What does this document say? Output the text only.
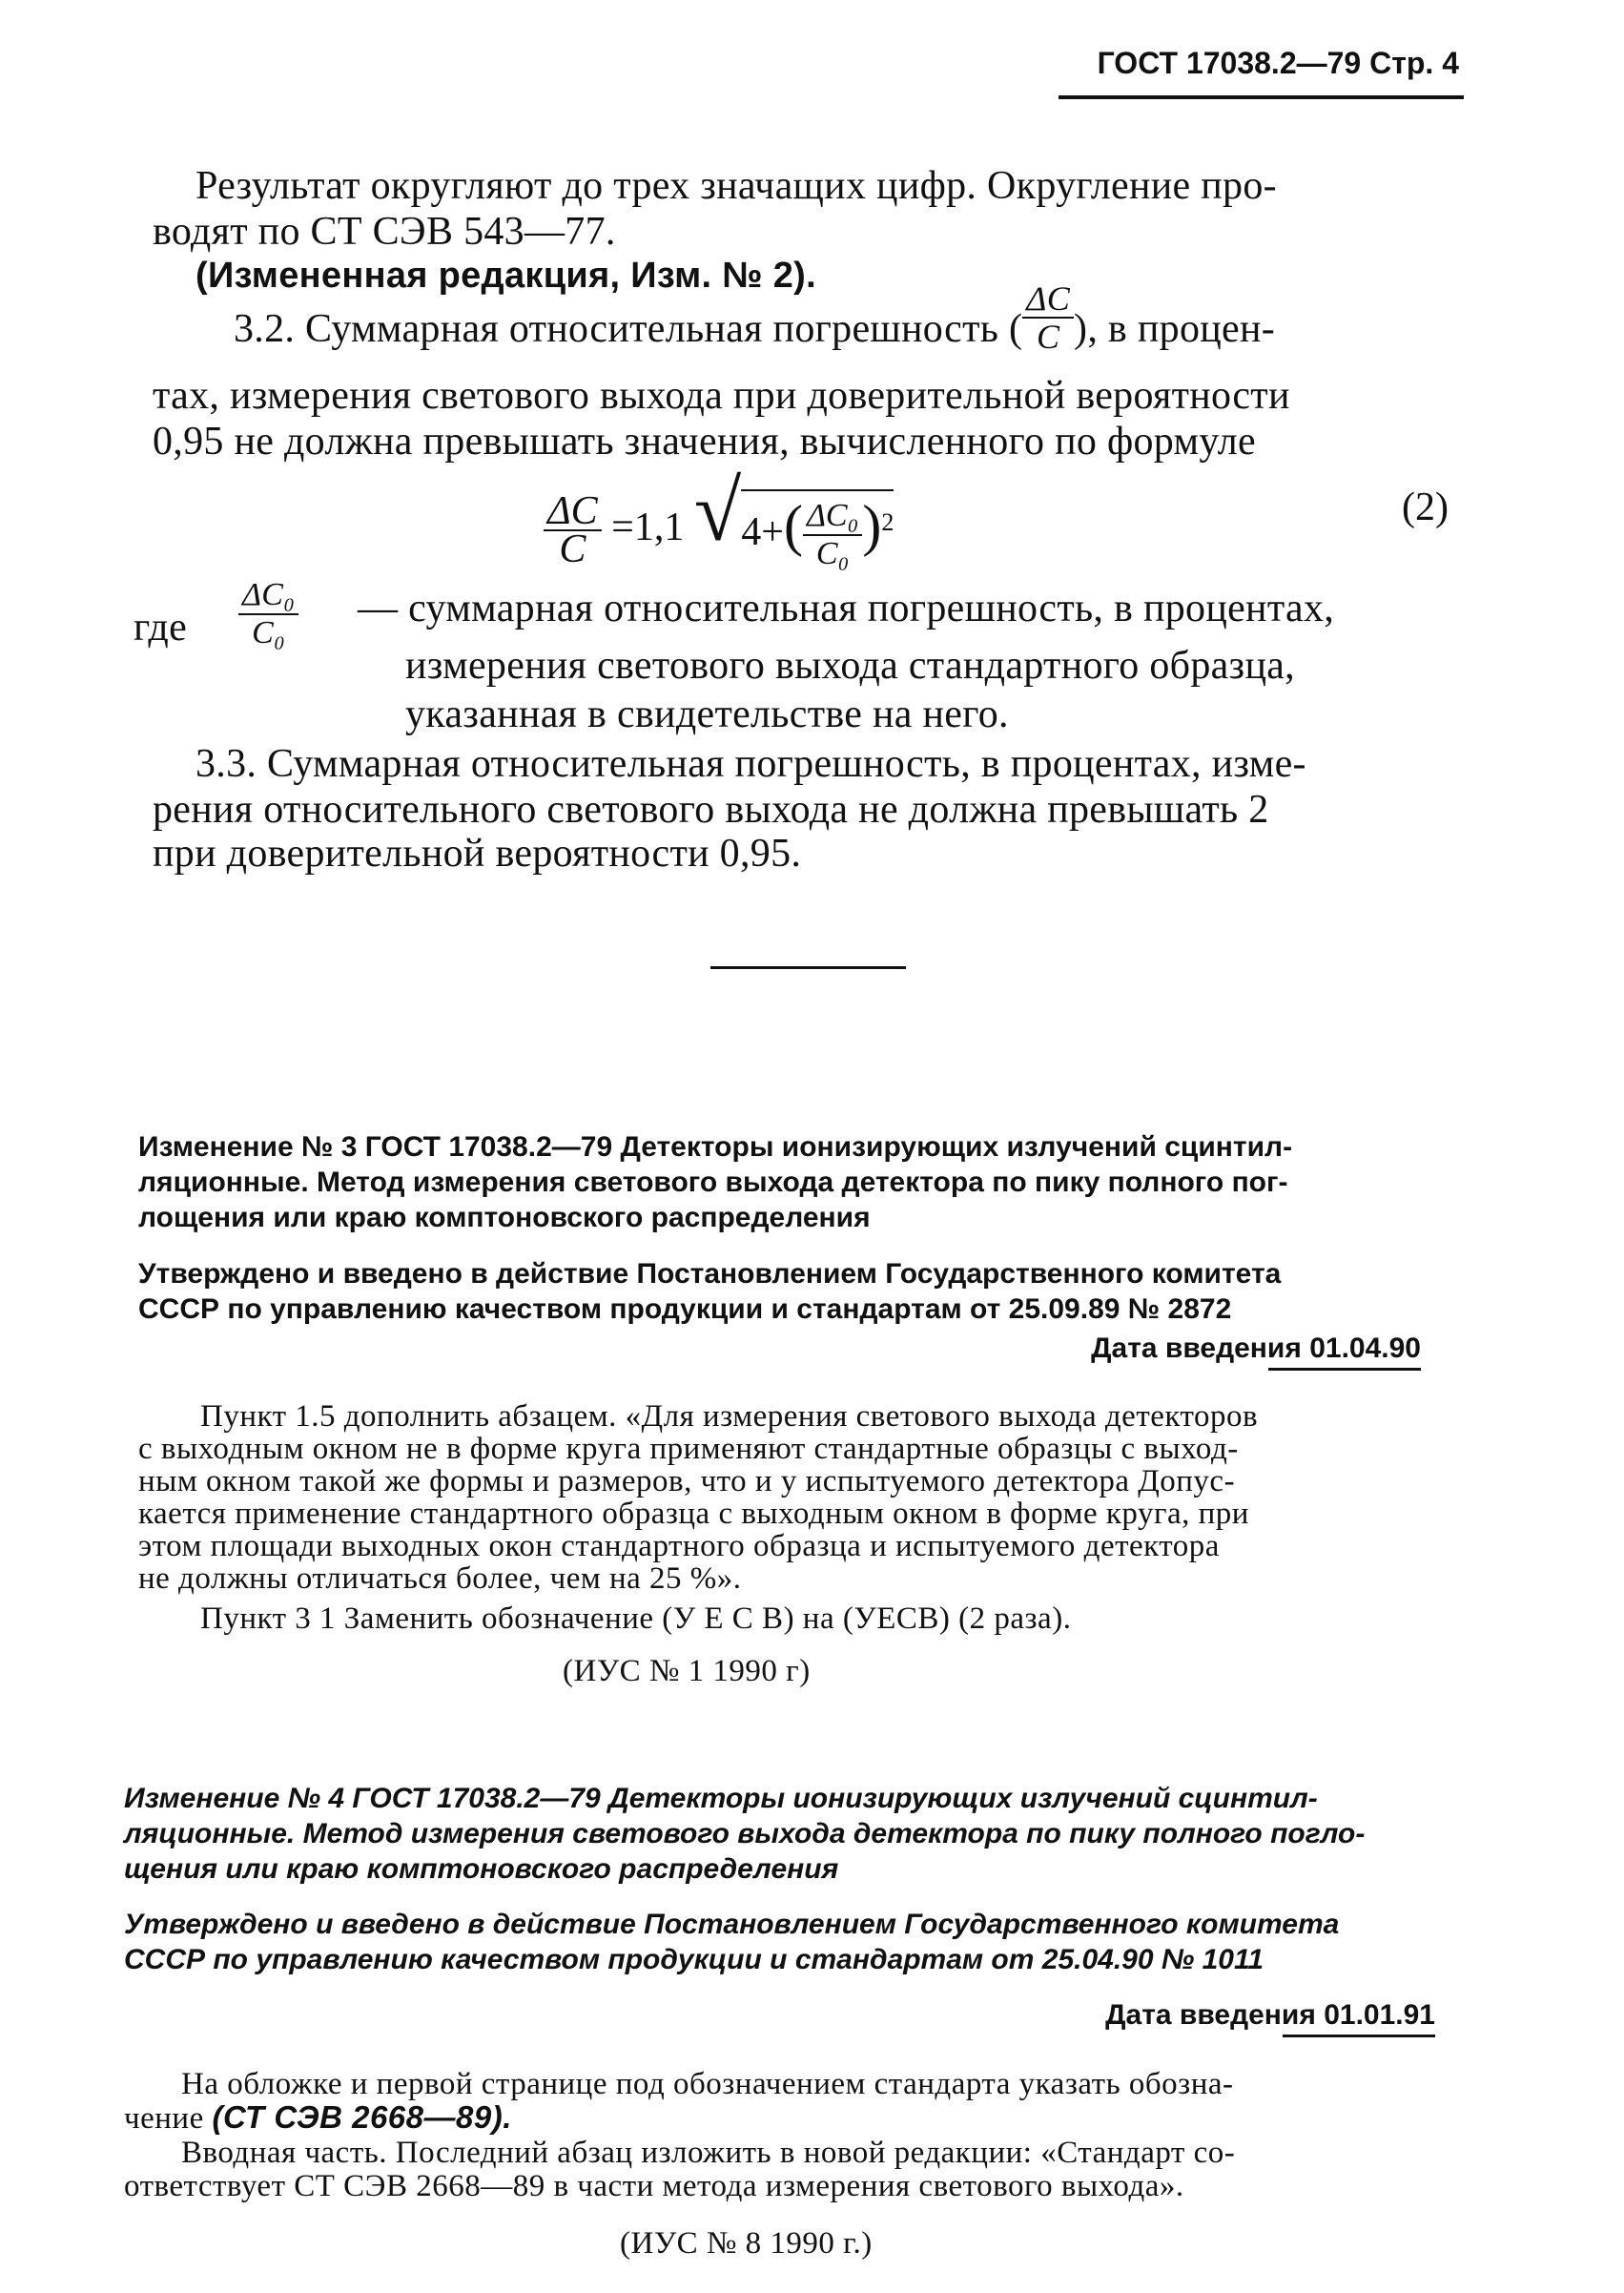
ГОСТ 17038.2—79 Стр. 4
Результат округляют до трех значащих цифр. Округление про-
водят по СТ СЭВ 543—77.
(Измененная редакция, Изм. № 2).
3.2. Суммарная относительная погрешность ( $\frac{\Delta C}{C}$ ), в процен-
тах, измерения светового выхода при доверительной вероятности
0,95 не должна превышать значения, вычисленного по формуле
$\frac{\Delta C}{C} =1,1$ $√4+( \frac{\text{ΔC₀}}{\text{C₀}} )^2$	(2)
где $\frac{\text{ΔC₀}}{\text{C₀}}$ — суммарная относительная погрешность, в процентах,
измерения светового выхода стандартного образца,
указанная в свидетельстве на него.
3.3. Суммарная относительная погрешность, в процентах, изме-
рения относительного светового выхода не должна превышать 2
при доверительной вероятности 0,95.
Изменение № 3 ГОСТ 17038.2—79 Детекторы ионизирующих излучений сцинтил-
ляционные. Метод измерения светового выхода детектора по пику полного пог-
лощения или краю комптоновского распределения
Утверждено и введено в действие Постановлением Государственного комитета
СССР по управлению качеством продукции и стандартам от 25.09.89 № 2872
Дата введения 01.04.90
Пункт 1.5 дополнить абзацем. «Для измерения светового выхода детекторов
с выходным окном не в форме круга применяют стандартные образцы с выход-
ным окном такой же формы и размеров, что и у испытуемого детектора Допус-
кается применение стандартного образца с выходным окном в форме круга, при
этом площади выходных окон стандартного образца и испытуемого детектора
не должны отличаться более, чем на 25 %».
Пункт 3 1 Заменить обозначение (У Е С В) на (УЕСВ) (2 раза).
(ИУС № 1 1990 г)
Изменение № 4 ГОСТ 17038.2—79 Детекторы ионизирующих излучений сцинтил-
ляционные. Метод измерения светового выхода детектора по пику полного погло-
щения или краю комптоновского распределения
Утверждено и введено в действие Постановлением Государственного комитета
СССР по управлению качеством продукции и стандартам от 25.04.90 № 1011
Дата введения 01.01.91
На обложке и первой странице под обозначением стандарта указать обозна-
чение (СТ СЭВ 2668—89).
Вводная часть. Последний абзац изложить в новой редакции: «Стандарт со-
ответствует СТ СЭВ 2668—89 в части метода измерения светового выхода».
(ИУС № 8 1990 г.)
